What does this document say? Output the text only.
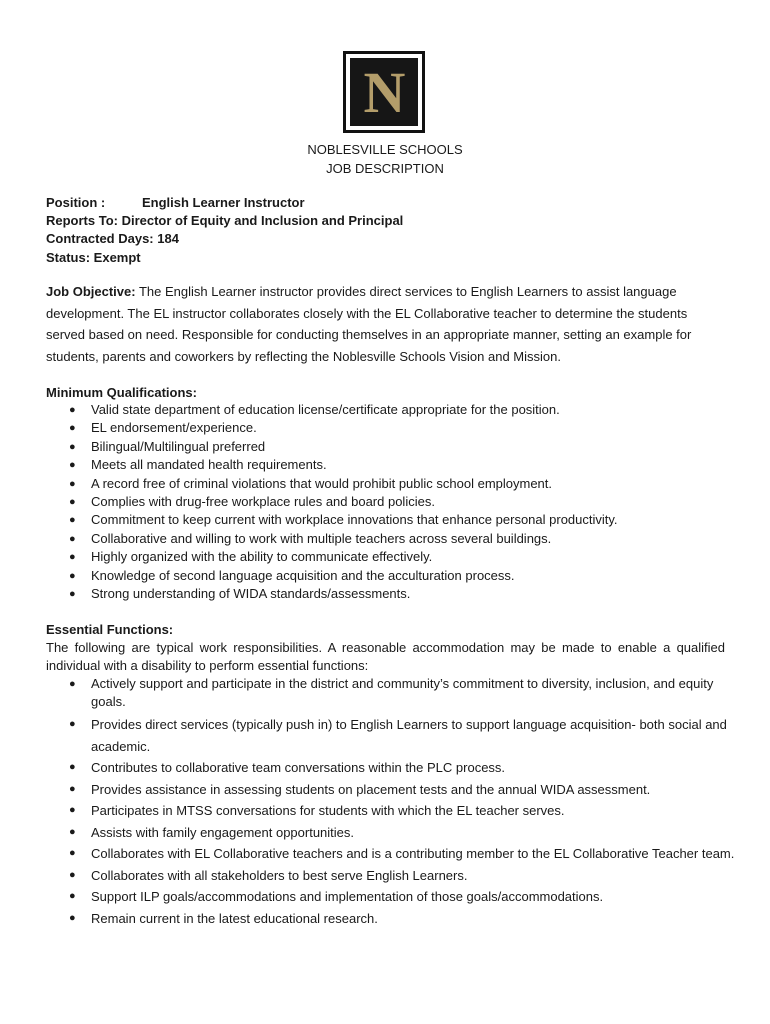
N
NOBLESVILLE SCHOOLS
JOB DESCRIPTION
Position :	English Learner Instructor
Reports To: Director of Equity and Inclusion and Principal
Contracted Days: 184
Status: Exempt
Job Objective: The English Learner instructor provides direct services to English Learners to assist language development. The EL instructor collaborates closely with the EL Collaborative teacher to determine the students served based on need. Responsible for conducting themselves in an appropriate manner, setting an example for students, parents and coworkers by reflecting the Noblesville Schools Vision and Mission.
Minimum Qualifications:
● Valid state department of education license/certificate appropriate for the position.
● EL endorsement/experience.
● Bilingual/Multilingual preferred
● Meets all mandated health requirements.
● A record free of criminal violations that would prohibit public school employment.
● Complies with drug-free workplace rules and board policies.
● Commitment to keep current with workplace innovations that enhance personal productivity.
● Collaborative and willing to work with multiple teachers across several buildings.
● Highly organized with the ability to communicate effectively.
● Knowledge of second language acquisition and the acculturation process.
● Strong understanding of WIDA standards/assessments.
Essential Functions:
The following are typical work responsibilities. A reasonable accommodation may be made to enable a qualified individual with a disability to perform essential functions:
● Actively support and participate in the district and community’s commitment to diversity, inclusion, and equity goals.
● Provides direct services (typically push in) to English Learners to support language acquisition- both social and academic.
● Contributes to collaborative team conversations within the PLC process.
● Provides assistance in assessing students on placement tests and the annual WIDA assessment.
● Participates in MTSS conversations for students with which the EL teacher serves.
● Assists with family engagement opportunities.
● Collaborates with EL Collaborative teachers and is a contributing member to the EL Collaborative Teacher team.
● Collaborates with all stakeholders to best serve English Learners.
● Support ILP goals/accommodations and implementation of those goals/accommodations.
● Remain current in the latest educational research.
